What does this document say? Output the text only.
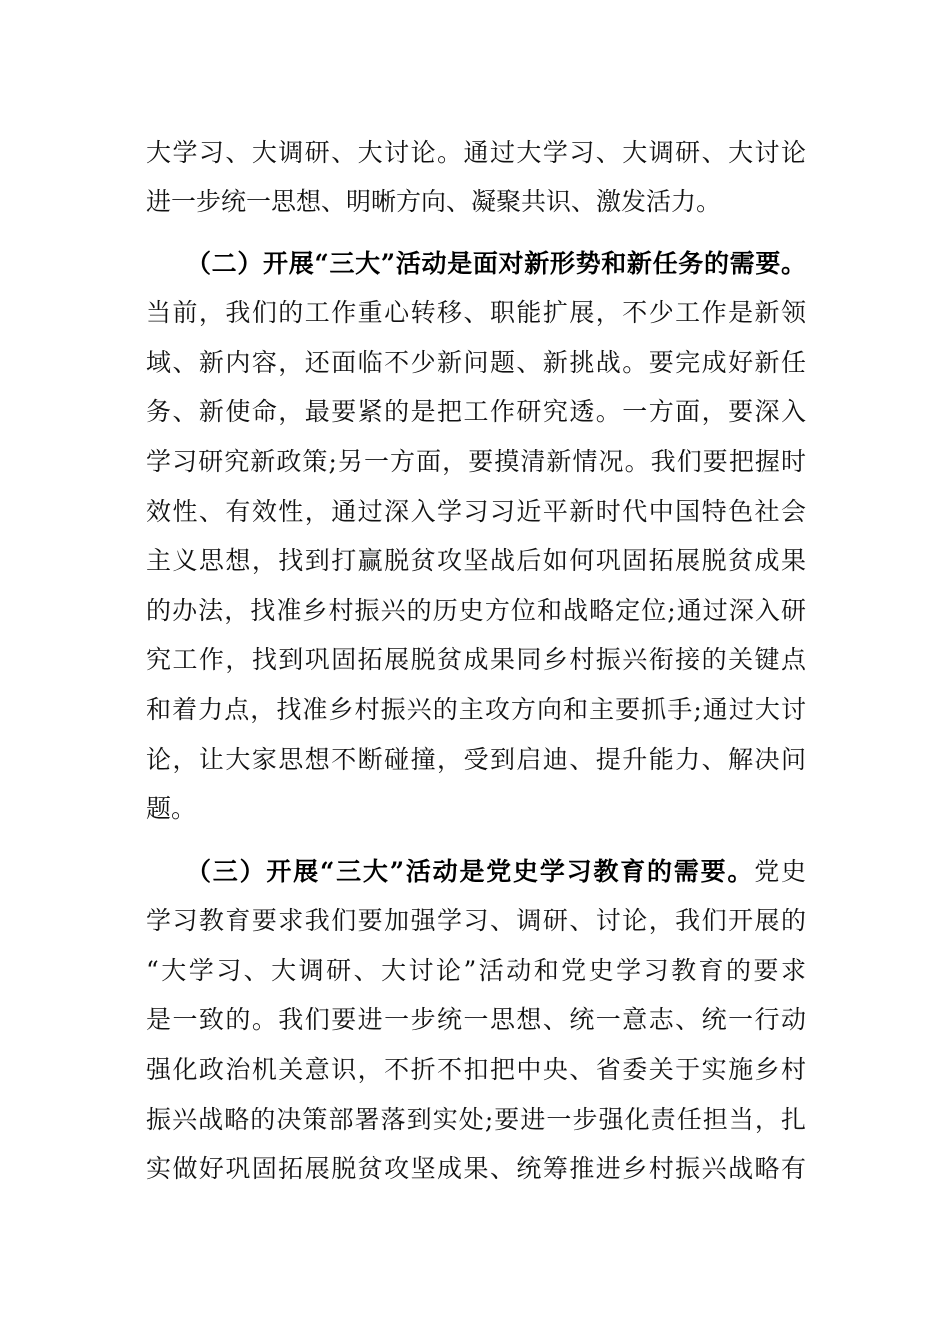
大学习、大调研、大讨论。通过大学习、大调研、大讨论
进一步统一思想、明晰方向、凝聚共识、激发活力。
（二）开展“三大”活动是面对新形势和新任务的需要。
当前，我们的工作重心转移、职能扩展，不少工作是新领
域、新内容，还面临不少新问题、新挑战。要完成好新任
务、新使命，最要紧的是把工作研究透。一方面，要深入
学习研究新政策;另一方面，要摸清新情况。我们要把握时
效性、有效性，通过深入学习习近平新时代中国特色社会
主义思想，找到打赢脱贫攻坚战后如何巩固拓展脱贫成果
的办法，找准乡村振兴的历史方位和战略定位;通过深入研
究工作，找到巩固拓展脱贫成果同乡村振兴衔接的关键点
和着力点，找准乡村振兴的主攻方向和主要抓手;通过大讨
论，让大家思想不断碰撞，受到启迪、提升能力、解决问
题。
（三）开展“三大”活动是党史学习教育的需要。党史
学习教育要求我们要加强学习、调研、讨论，我们开展的
“大学习、大调研、大讨论”活动和党史学习教育的要求
是一致的。我们要进一步统一思想、统一意志、统一行动
强化政治机关意识，不折不扣把中央、省委关于实施乡村
振兴战略的决策部署落到实处;要进一步强化责任担当，扎
实做好巩固拓展脱贫攻坚成果、统筹推进乡村振兴战略有
